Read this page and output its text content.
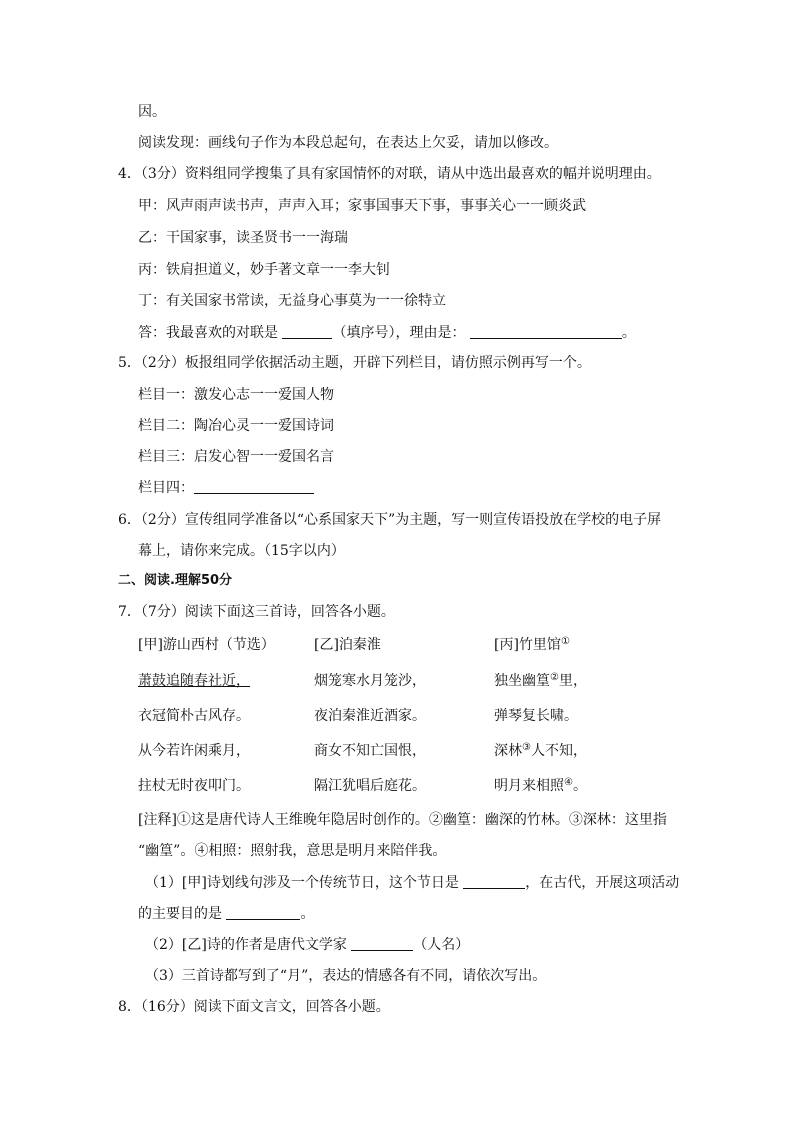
因。
阅读发现：画线句子作为本段总起句，在表达上欠妥，请加以修改。
4．（3分）资料组同学搜集了具有家国情怀的对联，请从中选出最喜欢的幅并说明理由。
甲：风声雨声读书声，声声入耳；家事国事天下事，事事关心一一顾炎武
乙：干国家事，读圣贤书一一海瑞
丙：铁肩担道义，妙手著文章一一李大钊
丁：有关国家书常读，无益身心事莫为一一徐特立
答：我最喜欢的对联是	（填序号），理由是：	。
5．（2分）板报组同学依据活动主题，开辟下列栏目，请仿照示例再写一个。
栏目一：激发心志一一爱国人物
栏目二：陶冶心灵一一爱国诗词
栏目三：启发心智一一爱国名言
栏目四：
6．（2分）宣传组同学准备以“心系国家天下”为主题，写一则宣传语投放在学校的电子屏
幕上，请你来完成。（15字以内）
二、阅读.理解50分
7．（7分）阅读下面这三首诗，回答各小题。
[甲]游山西村（节选）	[乙]泊秦淮	[丙]竹里馆①
萧鼓追随春社近，	烟笼寒水月笼沙，	独坐幽篁②里，
衣冠简朴古风存。	夜泊秦淮近酒家。	弹琴复长啸。
从今若许闲乘月，	商女不知亡国恨，	深林③人不知，
拄杖无时夜叩门。	隔江犹唱后庭花。	明月来相照④。
[注释]①这是唐代诗人王维晚年隐居时创作的。②幽篁：幽深的竹林。③深林：这里指
“幽篁”。④相照：照射我，意思是明月来陪伴我。
（1）[甲]诗划线句涉及一个传统节日，这个节日是	，在古代，开展这项活动
的主要目的是	。
（2）[乙]诗的作者是唐代文学家	（人名）
（3）三首诗都写到了“月”，表达的情感各有不同，请依次写出。
8．（16分）阅读下面文言文，回答各小题。
